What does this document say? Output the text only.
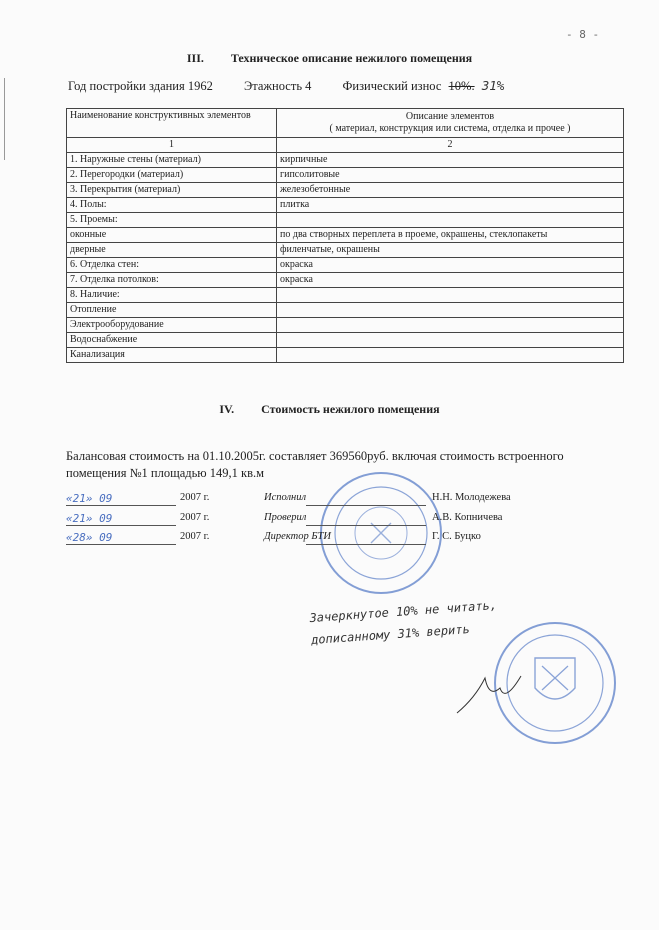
- 8 -
III. Техническое описание нежилого помещения
Год постройки здания 1962 Этажность 4 Физический износ 10%. 31%
Наименование конструктивных элементов	Описание элементов
( материал, конструкция или система, отделка и прочее )

1	2
1. Наружные стены (материал)	кирпичные
2. Перегородки (материал)	гипсолитовые
3. Перекрытия (материал)	железобетонные
4. Полы:	плитка
5. Проемы:	
оконные	по два створных переплета в проеме, окрашены, стеклопакеты
дверные	филенчатые, окрашены
6. Отделка стен:	окраска
7. Отделка потолков:	окраска
8. Наличие:	
Отопление	
Электрооборудование	
Водоснабжение	
Канализация	
IV. Стоимость нежилого помещения
Балансовая стоимость на 01.10.2005г. составляет 369560руб. включая стоимость встроенного помещения №1 площадью 149,1 кв.м
«21» 09	2007 г.	Исполнил	Н.Н. Молодежева
«21» 09	2007 г.	Проверил	А.В. Копничева
«28» 09	2007 г.	Директор БТИ	Г. С. Буцко
Зачеркнутое 10% не читать,
дописанному 31% верить
